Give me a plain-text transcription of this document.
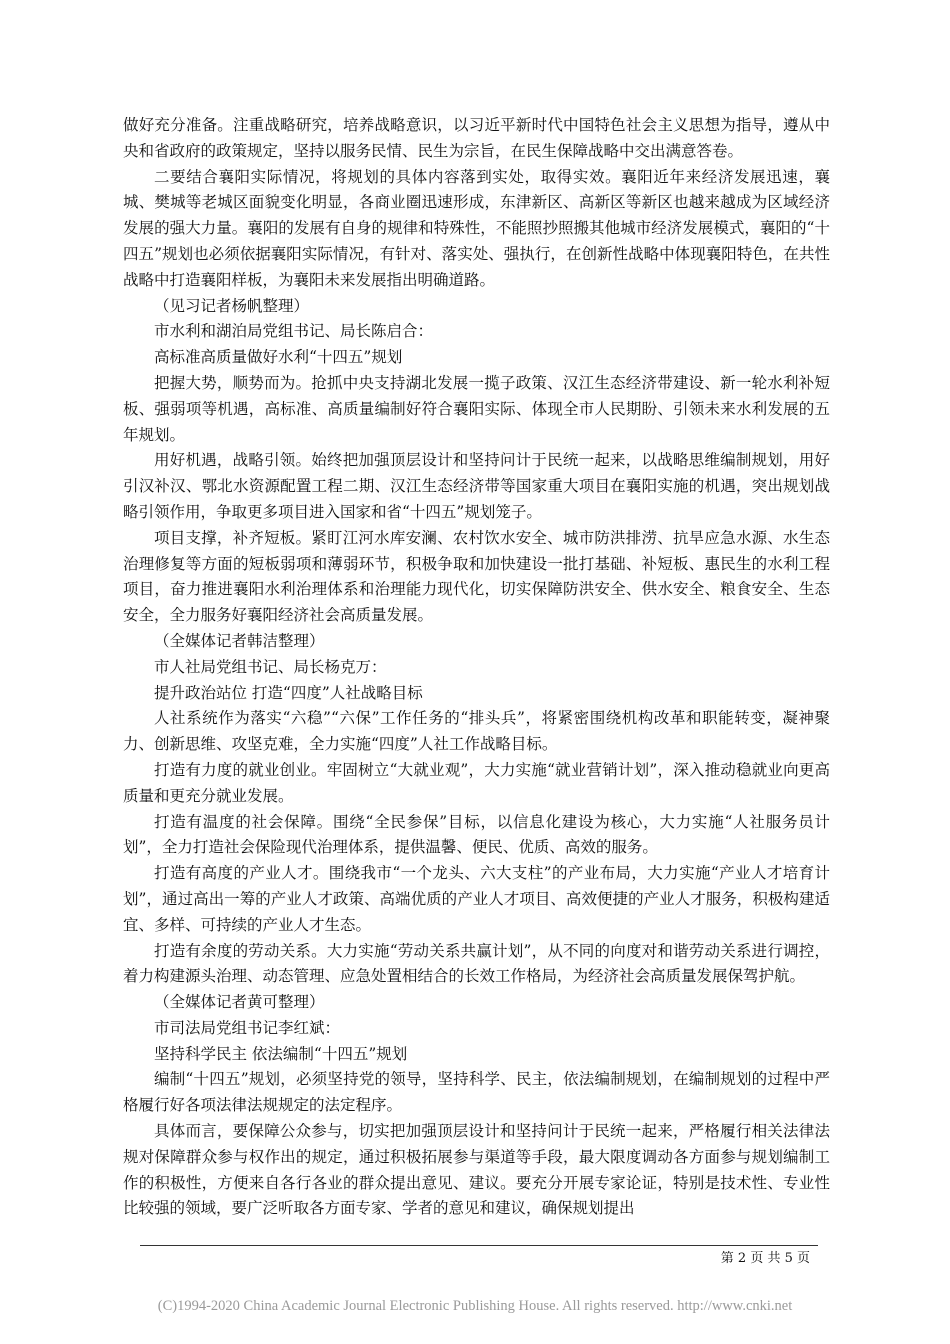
做好充分准备。注重战略研究，培养战略意识，以习近平新时代中国特色社会主义思想为指导，遵从中央和省政府的政策规定，坚持以服务民情、民生为宗旨，在民生保障战略中交出满意答卷。

二要结合襄阳实际情况，将规划的具体内容落到实处，取得实效。襄阳近年来经济发展迅速，襄城、樊城等老城区面貌变化明显，各商业圈迅速形成，东津新区、高新区等新区也越来越成为区域经济发展的强大力量。襄阳的发展有自身的规律和特殊性，不能照抄照搬其他城市经济发展模式，襄阳的“十四五”规划也必须依据襄阳实际情况，有针对、落实处、强执行，在创新性战略中体现襄阳特色，在共性战略中打造襄阳样板，为襄阳未来发展指出明确道路。

（见习记者杨帆整理）

市水利和湖泊局党组书记、局长陈启合：

高标准高质量做好水利“十四五”规划

把握大势，顺势而为。抢抓中央支持湖北发展一揽子政策、汉江生态经济带建设、新一轮水利补短板、强弱项等机遇，高标准、高质量编制好符合襄阳实际、体现全市人民期盼、引领未来水利发展的五年规划。

用好机遇，战略引领。始终把加强顶层设计和坚持问计于民统一起来，以战略思维编制规划，用好引汉补汉、鄂北水资源配置工程二期、汉江生态经济带等国家重大项目在襄阳实施的机遇，突出规划战略引领作用，争取更多项目进入国家和省“十四五”规划笼子。

项目支撑，补齐短板。紧盯江河水库安澜、农村饮水安全、城市防洪排涝、抗旱应急水源、水生态治理修复等方面的短板弱项和薄弱环节，积极争取和加快建设一批打基础、补短板、惠民生的水利工程项目，奋力推进襄阳水利治理体系和治理能力现代化，切实保障防洪安全、供水安全、粮食安全、生态安全，全力服务好襄阳经济社会高质量发展。

（全媒体记者韩洁整理）

市人社局党组书记、局长杨克万：

提升政治站位 打造“四度”人社战略目标

人社系统作为落实“六稳”“六保”工作任务的“排头兵”，将紧密围绕机构改革和职能转变，凝神聚力、创新思维、攻坚克难，全力实施“四度”人社工作战略目标。

打造有力度的就业创业。牢固树立“大就业观”，大力实施“就业营销计划”，深入推动稳就业向更高质量和更充分就业发展。

打造有温度的社会保障。围绕“全民参保”目标，以信息化建设为核心，大力实施“人社服务员计划”，全力打造社会保险现代治理体系，提供温馨、便民、优质、高效的服务。

打造有高度的产业人才。围绕我市“一个龙头、六大支柱”的产业布局，大力实施“产业人才培育计划”，通过高出一筹的产业人才政策、高端优质的产业人才项目、高效便捷的产业人才服务，积极构建适宜、多样、可持续的产业人才生态。

打造有余度的劳动关系。大力实施“劳动关系共赢计划”，从不同的向度对和谐劳动关系进行调控，着力构建源头治理、动态管理、应急处置相结合的长效工作格局，为经济社会高质量发展保驾护航。

（全媒体记者黄可整理）

市司法局党组书记李红斌：

坚持科学民主 依法编制“十四五”规划

编制“十四五”规划，必须坚持党的领导，坚持科学、民主，依法编制规划，在编制规划的过程中严格履行好各项法律法规规定的法定程序。

具体而言，要保障公众参与，切实把加强顶层设计和坚持问计于民统一起来，严格履行相关法律法规对保障群众参与权作出的规定，通过积极拓展参与渠道等手段，最大限度调动各方面参与规划编制工作的积极性，方便来自各行各业的群众提出意见、建议。要充分开展专家论证，特别是技术性、专业性比较强的领域，要广泛听取各方面专家、学者的意见和建议，确保规划提出

第 2 页 共 5 页
(C)1994-2020 China Academic Journal Electronic Publishing House. All rights reserved. http://www.cnki.net
